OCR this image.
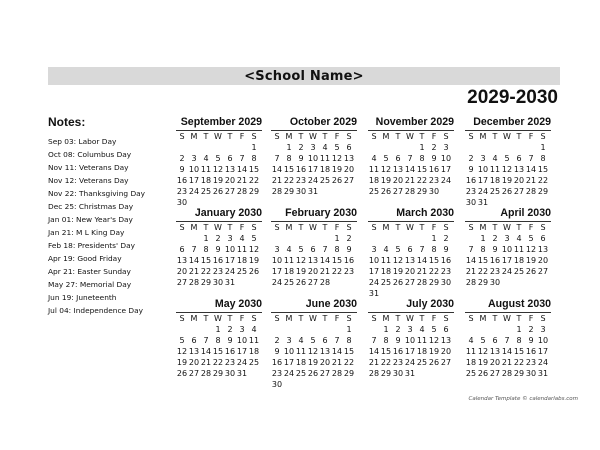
<School Name>
2029-2030
Notes:
Sep 03: Labor Day
Oct 08: Columbus Day
Nov 11: Veterans Day
Nov 12: Veterans Day
Nov 22: Thanksgiving Day
Dec 25: Christmas Day
Jan 01: New Year's Day
Jan 21: M L King Day
Feb 18: Presidents' Day
Apr 19: Good Friday
Apr 21: Easter Sunday
May 27: Memorial Day
Jun 19: Juneteenth
Jul 04: Independence Day
September 2029
S M T W T F S
1
2 3 4 5 6 7 8
9 10 11 12 13 14 15
16 17 18 19 20 21 22
23 24 25 26 27 28 29
30
October 2029
S M T W T F S
1 2 3 4 5 6
7 8 9 10 11 12 13
14 15 16 17 18 19 20
21 22 23 24 25 26 27
28 29 30 31
November 2029
S M T W T F S
1 2 3
4 5 6 7 8 9 10
11 12 13 14 15 16 17
18 19 20 21 22 23 24
25 26 27 28 29 30
December 2029
S M T W T F S
1
2 3 4 5 6 7 8
9 10 11 12 13 14 15
16 17 18 19 20 21 22
23 24 25 26 27 28 29
30 31
January 2030
S M T W T F S
1 2 3 4 5
6 7 8 9 10 11 12
13 14 15 16 17 18 19
20 21 22 23 24 25 26
27 28 29 30 31
February 2030
S M T W T F S
1 2
3 4 5 6 7 8 9
10 11 12 13 14 15 16
17 18 19 20 21 22 23
24 25 26 27 28
March 2030
S M T W T F S
1 2
3 4 5 6 7 8 9
10 11 12 13 14 15 16
17 18 19 20 21 22 23
24 25 26 27 28 29 30
31
April 2030
S M T W T F S
1 2 3 4 5 6
7 8 9 10 11 12 13
14 15 16 17 18 19 20
21 22 23 24 25 26 27
28 29 30
May 2030
S M T W T F S
1 2 3 4
5 6 7 8 9 10 11
12 13 14 15 16 17 18
19 20 21 22 23 24 25
26 27 28 29 30 31
June 2030
S M T W T F S
1
2 3 4 5 6 7 8
9 10 11 12 13 14 15
16 17 18 19 20 21 22
23 24 25 26 27 28 29
30
July 2030
S M T W T F S
1 2 3 4 5 6
7 8 9 10 11 12 13
14 15 16 17 18 19 20
21 22 23 24 25 26 27
28 29 30 31
August 2030
S M T W T F S
1 2 3
4 5 6 7 8 9 10
11 12 13 14 15 16 17
18 19 20 21 22 23 24
25 26 27 28 29 30 31
Calendar Template © calendarlabs.com
